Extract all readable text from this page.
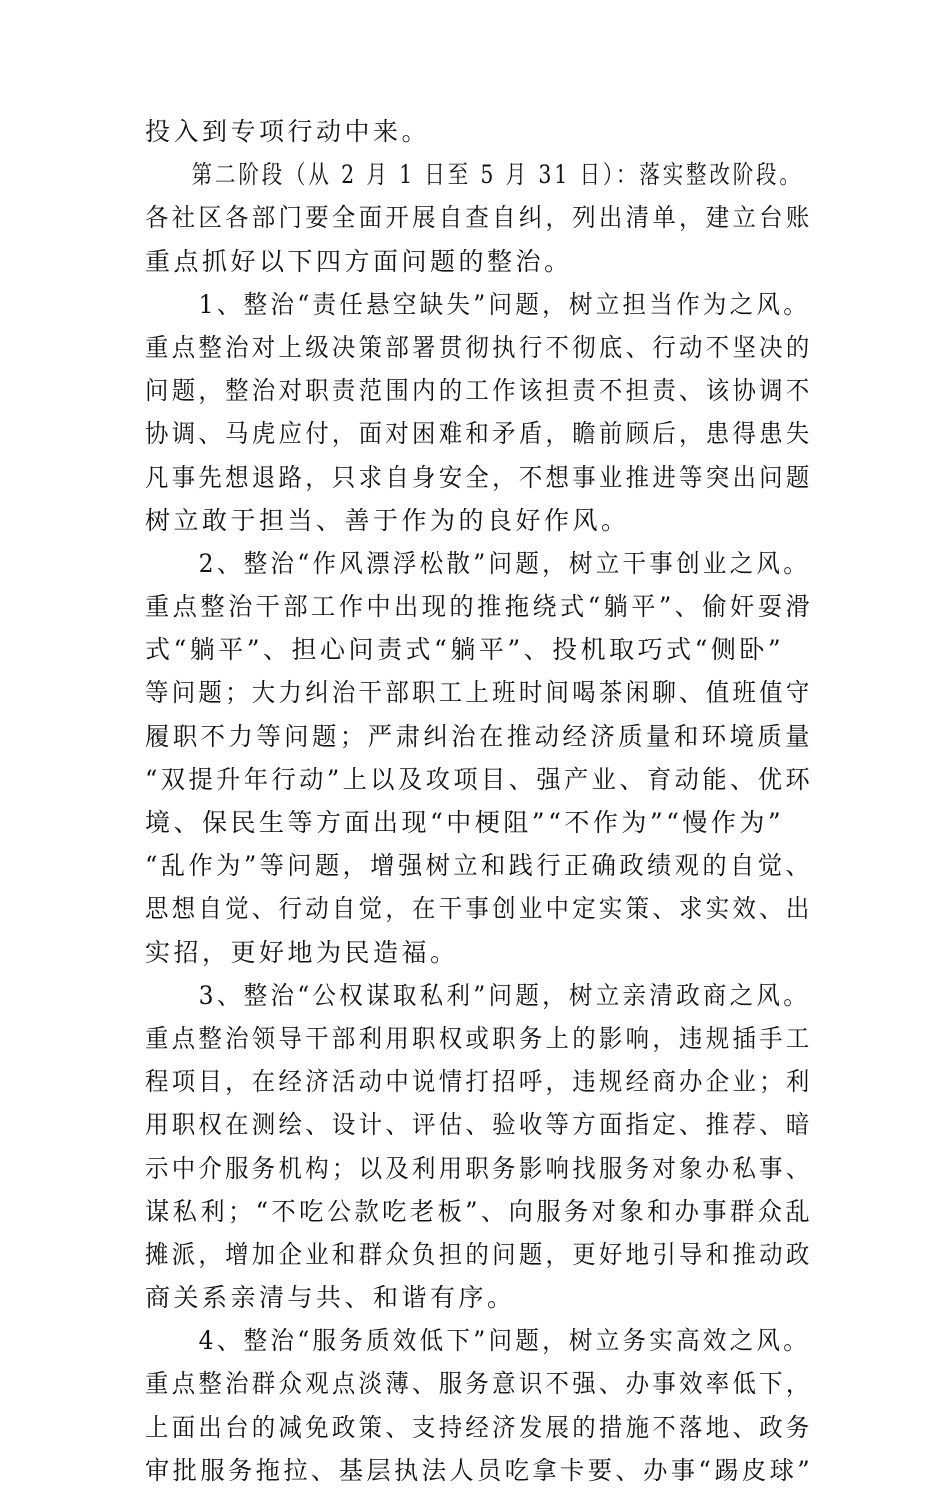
投入到专项行动中来。
第二阶段（从 2 月 1 日至 5 月 31 日）：落实整改阶段。
各社区各部门要全面开展自查自纠，列出清单，建立台账
重点抓好以下四方面问题的整治。
1、整治“责任悬空缺失”问题，树立担当作为之风。
重点整治对上级决策部署贯彻执行不彻底、行动不坚决的
问题，整治对职责范围内的工作该担责不担责、该协调不
协调、马虎应付，面对困难和矛盾，瞻前顾后，患得患失
凡事先想退路，只求自身安全，不想事业推进等突出问题
树立敢于担当、善于作为的良好作风。
2、整治“作风漂浮松散”问题，树立干事创业之风。
重点整治干部工作中出现的推拖绕式“躺平”、偷奸耍滑
式“躺平”、担心问责式“躺平”、投机取巧式“侧卧”
等问题；大力纠治干部职工上班时间喝茶闲聊、值班值守
履职不力等问题；严肃纠治在推动经济质量和环境质量
“双提升年行动”上以及攻项目、强产业、育动能、优环
境、保民生等方面出现“中梗阻”“不作为”“慢作为”
“乱作为”等问题，增强树立和践行正确政绩观的自觉、
思想自觉、行动自觉，在干事创业中定实策、求实效、出
实招，更好地为民造福。
3、整治“公权谋取私利”问题，树立亲清政商之风。
重点整治领导干部利用职权或职务上的影响，违规插手工
程项目，在经济活动中说情打招呼，违规经商办企业；利
用职权在测绘、设计、评估、验收等方面指定、推荐、暗
示中介服务机构；以及利用职务影响找服务对象办私事、
谋私利；“不吃公款吃老板”、向服务对象和办事群众乱
摊派，增加企业和群众负担的问题，更好地引导和推动政
商关系亲清与共、和谐有序。
4、整治“服务质效低下”问题，树立务实高效之风。
重点整治群众观点淡薄、服务意识不强、办事效率低下，
上面出台的减免政策、支持经济发展的措施不落地、政务
审批服务拖拉、基层执法人员吃拿卡要、办事“踢皮球”
